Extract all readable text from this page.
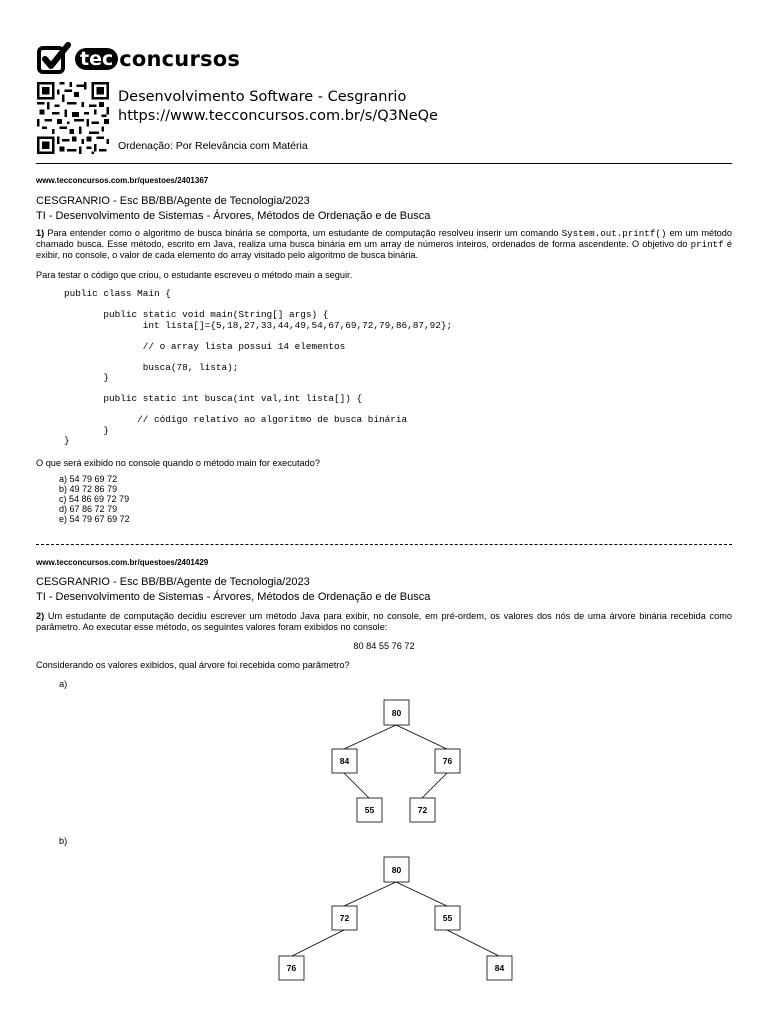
tec concursos
Desenvolvimento Software - Cesgranrio
https://www.tecconcursos.com.br/s/Q3NeQe
Ordenação: Por Relevância com Matéria
www.tecconcursos.com.br/questoes/2401367
CESGRANRIO - Esc BB/BB/Agente de Tecnologia/2023
TI - Desenvolvimento de Sistemas - Árvores, Métodos de Ordenação e de Busca
1) Para entender como o algoritmo de busca binária se comporta, um estudante de computação resolveu inserir um comando System.out.printf() em um método chamado busca. Esse método, escrito em Java, realiza uma busca binária em um array de números inteiros, ordenados de forma ascendente. O objetivo do printf é exibir, no console, o valor de cada elemento do array visitado pelo algoritmo de busca binária.
Para testar o código que criou, o estudante escreveu o método main a seguir.
public class Main {

public static void main(String[] args) {
int lista[]={5,18,27,33,44,49,54,67,69,72,79,86,87,92};

// o array lista possui 14 elementos

busca(78, lista);
}

public static int busca(int val,int lista[]) {

// código relativo ao algoritmo de busca binária
}
}
O que será exibido no console quando o método main for executado?
a) 54 79 69 72
b) 49 72 86 79
c) 54 86 69 72 79
d) 67 86 72 79
e) 54 79 67 69 72
www.tecconcursos.com.br/questoes/2401429
CESGRANRIO - Esc BB/BB/Agente de Tecnologia/2023
TI - Desenvolvimento de Sistemas - Árvores, Métodos de Ordenação e de Busca
2) Um estudante de computação decidiu escrever um método Java para exibir, no console, em pré-ordem, os valores dos nós de uma árvore binária recebida como parâmetro. Ao executar esse método, os seguintes valores foram exibidos no console:
80 84 55 76 72
Considerando os valores exibidos, qual árvore foi recebida como parâmetro?
a)
80
84	76
55	72
b)
80
72	55
76	84
